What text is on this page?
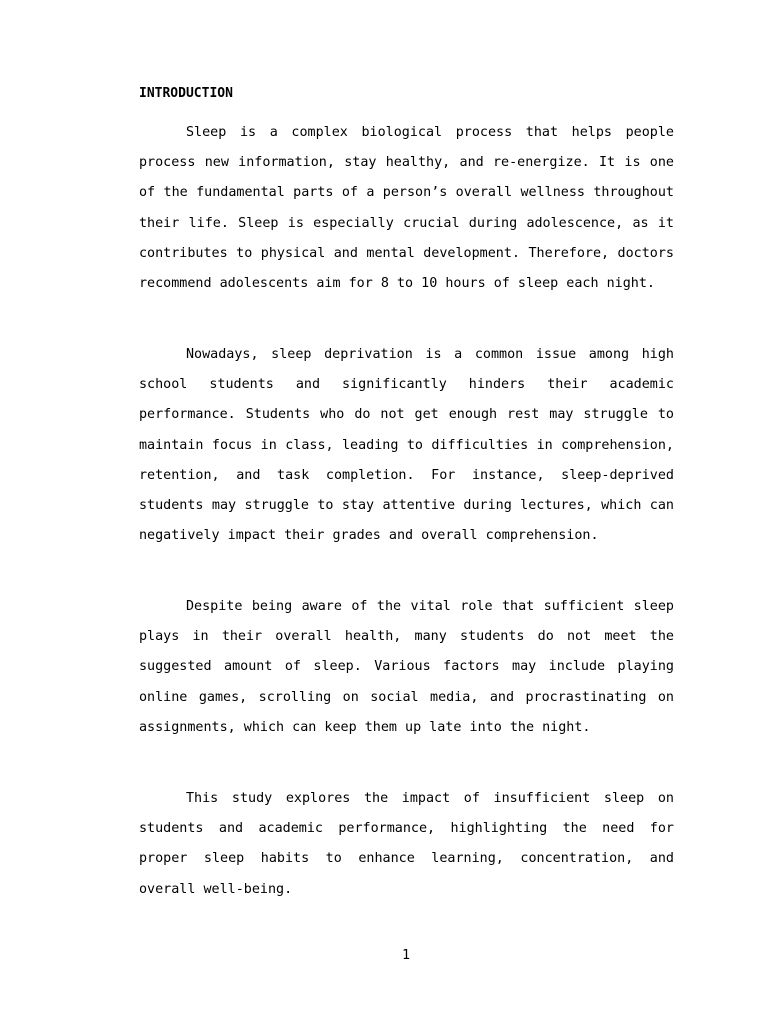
INTRODUCTION

Sleep is a complex biological process that helps people process new information, stay healthy, and re-energize. It is one of the fundamental parts of a person’s overall wellness throughout their life. Sleep is especially crucial during adolescence, as it contributes to physical and mental development. Therefore, doctors recommend adolescents aim for 8 to 10 hours of sleep each night.

Nowadays, sleep deprivation is a common issue among high school students and significantly hinders their academic performance. Students who do not get enough rest may struggle to maintain focus in class, leading to difficulties in comprehension, retention, and task completion. For instance, sleep-deprived students may struggle to stay attentive during lectures, which can negatively impact their grades and overall comprehension.

Despite being aware of the vital role that sufficient sleep plays in their overall health, many students do not meet the suggested amount of sleep. Various factors may include playing online games, scrolling on social media, and procrastinating on assignments, which can keep them up late into the night.

This study explores the impact of insufficient sleep on students and academic performance, highlighting the need for proper sleep habits to enhance learning, concentration, and overall well-being.

1
